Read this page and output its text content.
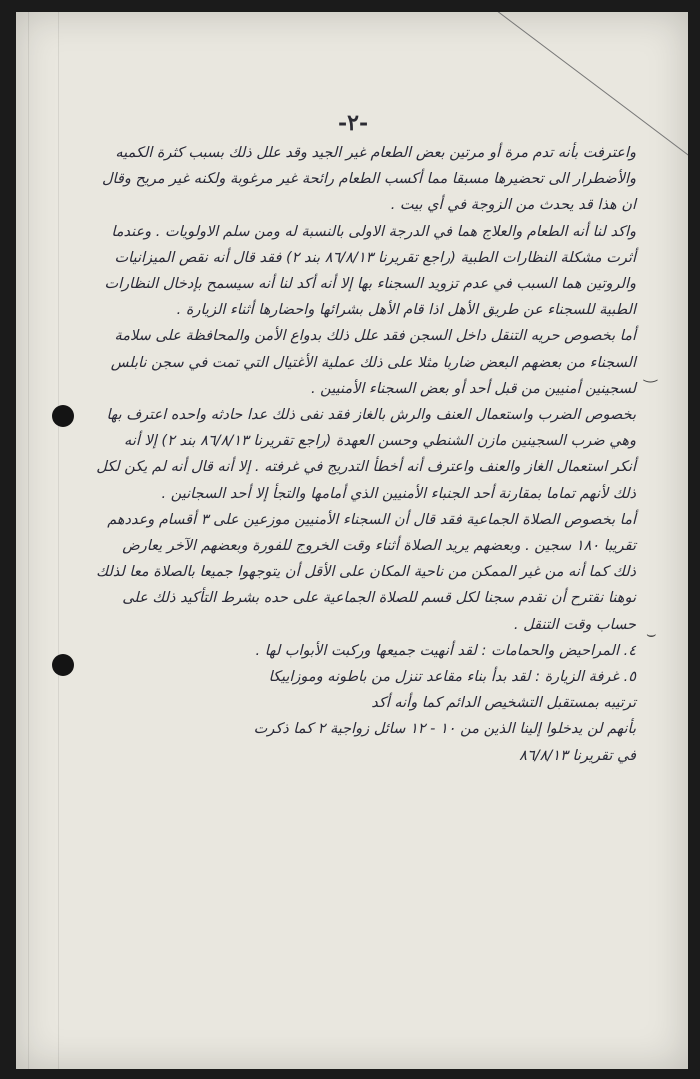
-٢-
‿
⌣

واعترفت بأنه تدم مرة أو مرتين بعض الطعام غير الجيد وقد علل ذلك بسبب كثرة الكميه والأضطرار الى تحضيرها مسبقا مما أكسب الطعام رائحة غير مرغوبة ولكنه غير مريح وقال ان هذا قد يحدث من الزوجة في أي بيت .

واكد لنا أنه الطعام والعلاج هما في الدرجة الاولى بالنسبة له ومن سلم الاولويات . وعندما أثرت مشكلة النظارات الطبية (راجع تقريرنا ٨٦/٨/١٣ بند ٢) فقد قال أنه نقص الميزانيات والروتين هما السبب في عدم تزويد السجناء بها إلا أنه أكد لنا أنه سيسمح بإدخال النظارات الطبية للسجناء عن طريق الأهل اذا قام الأهل بشرائها واحضارها أثناء الزيارة .

أما بخصوص حريه التنقل داخل السجن فقد علل ذلك بدواع الأمن والمحافظة على سلامة السجناء من بعضهم البعض ضاربا مثلا على ذلك عملية الأغتيال التي تمت في سجن نابلس لسجينين أمنيين من قبل أحد أو بعض السجناء الأمنيين .

بخصوص الضرب واستعمال العنف والرش بالغاز فقد نفى ذلك عدا حادثه واحده اعترف بها وهي ضرب السجينين مازن الشنطي وحسن العهدة (راجع تقريرنا ٨٦/٨/١٣ بند ٢) إلا أنه أنكر استعمال الغاز والعنف واعترف أنه أخطأ التدريج في غرفته . إلا أنه قال أنه لم يكن لكل ذلك لأنهم تماما بمقارنة أحد الجنباء الأمنيين الذي أمامها والتجأ إلا أحد السجانين .

أما بخصوص الصلاة الجماعية فقد قال أن السجناء الأمنيين موزعين على ٣ أقسام وعددهم تقريبا ١٨٠ سجين . وبعضهم يريد الصلاة أثناء وقت الخروج للفورة وبعضهم الآخر يعارض ذلك كما أنه من غير الممكن من ناحية المكان على الأقل أن يتوجهوا جميعا بالصلاة معا لذلك نوهنا نقترح أن نقدم سجنا لكل قسم للصلاة الجماعية على حده بشرط التأكيد ذلك على حساب وقت التنقل .

٤. المراحيض والحمامات : لقد أنهيت جميعها وركبت الأبواب لها .

٥. غرفة الزيارة : لقد بدأ بناء مقاعد تنزل من باطونه وموزاييكا

ترتيبه بمستقبل التشخيص الدائم كما وأنه أكد

بأنهم لن يدخلوا إلينا الذين من ١٠ - ١٢ سائل زواجية ٢ كما ذكرت

في تقريرنا ٨٦/٨/١٣
